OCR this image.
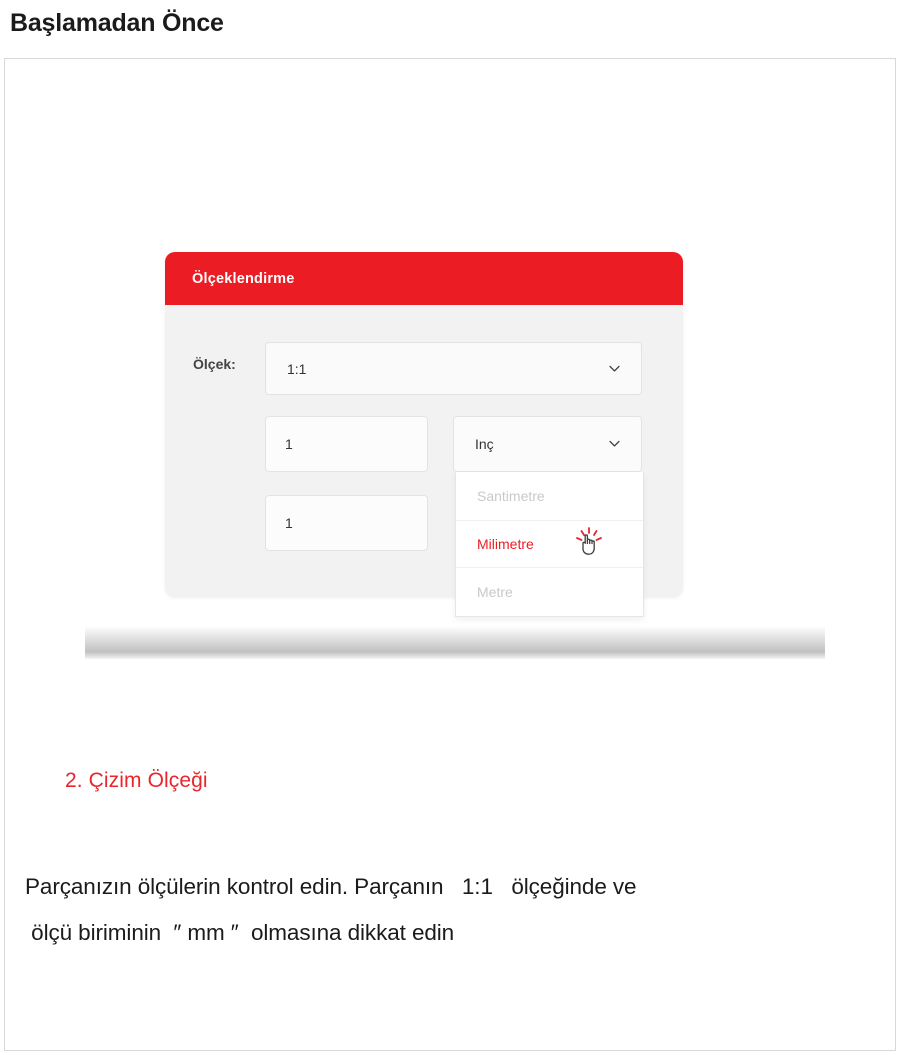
Başlamadan Önce
Ölçeklendirme
Ölçek:	1:1
1
1
Inç
Santimetre
Milimetre
Metre
2. Çizim Ölçeği
Parçanızın ölçülerin kontrol edin. Parçanın   1:1   ölçeğinde ve
ölçü biriminin  ″ mm ″  olmasına dikkat edin
